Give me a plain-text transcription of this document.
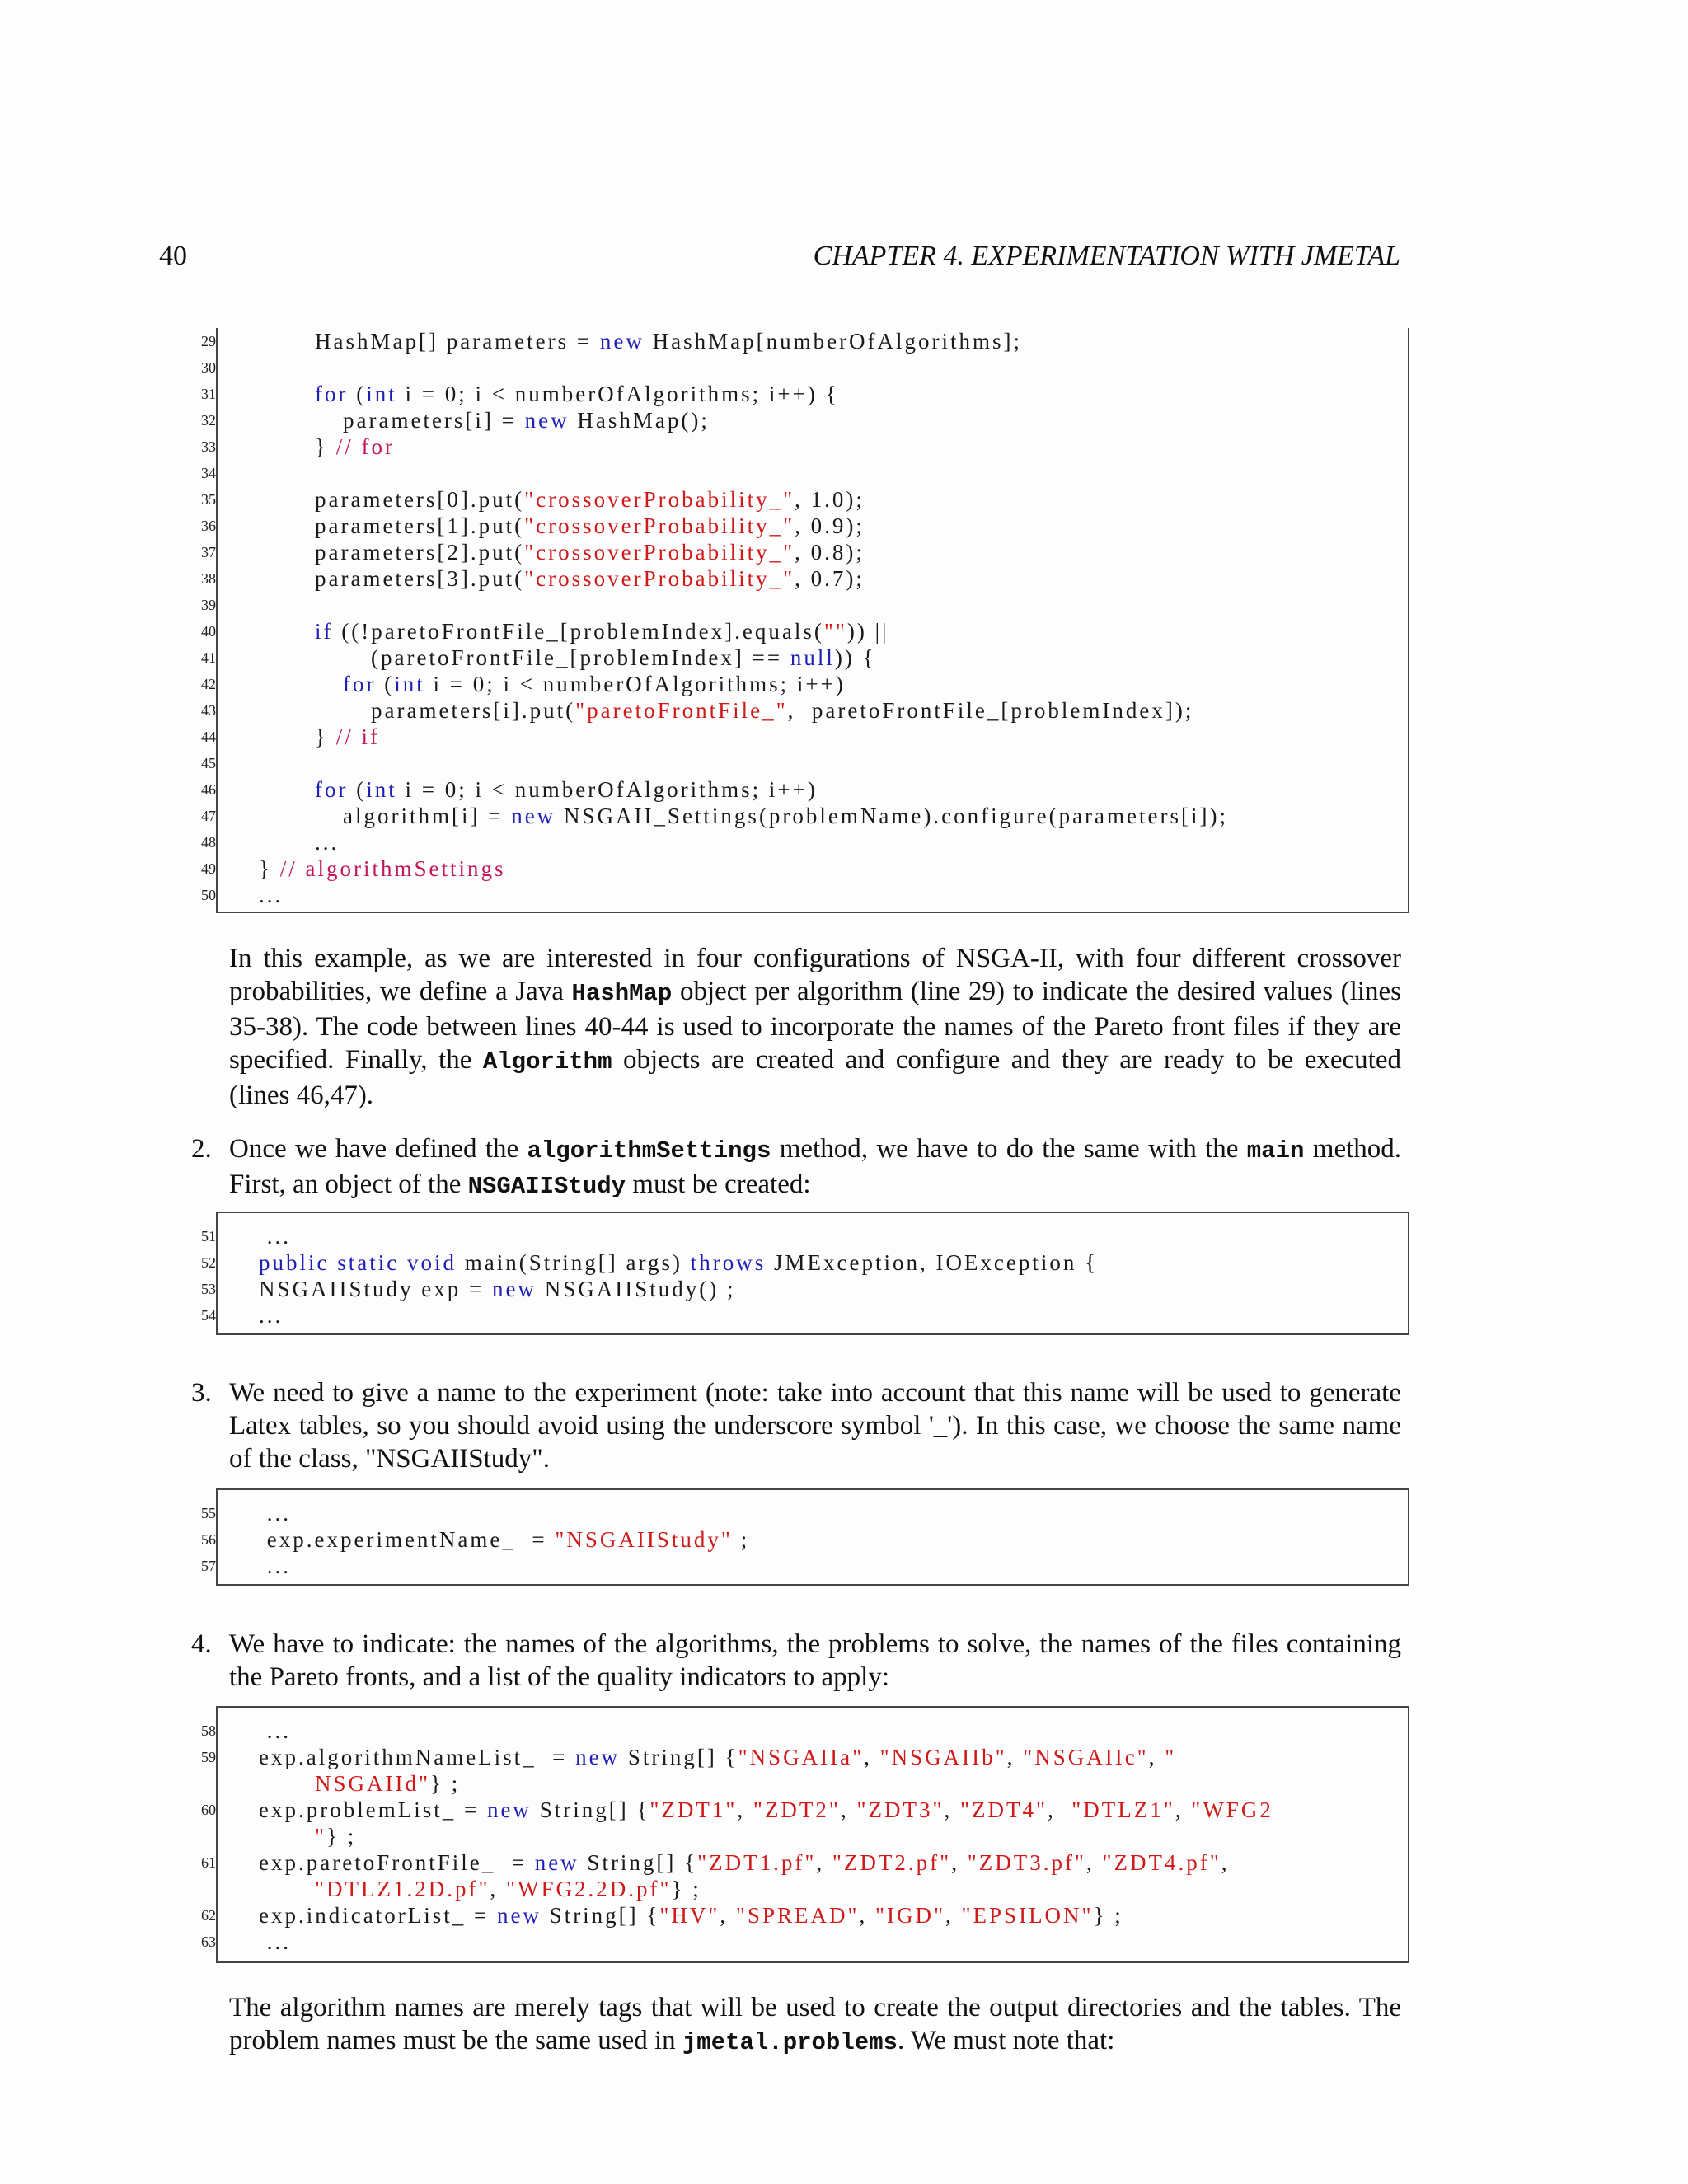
40	CHAPTER 4. EXPERIMENTATION WITH JMETAL
29	HashMap[] parameters = new HashMap[numberOfAlgorithms];
30
31	for (int i = 0; i < numberOfAlgorithms; i++) {
32	parameters[i] = new HashMap();
33	} // for
34
35	parameters[0].put("crossoverProbability_", 1.0);
36	parameters[1].put("crossoverProbability_", 0.9);
37	parameters[2].put("crossoverProbability_", 0.8);
38	parameters[3].put("crossoverProbability_", 0.7);
39
40	if ((!paretoFrontFile_[problemIndex].equals("")) ||
41	(paretoFrontFile_[problemIndex] == null)) {
42	for (int i = 0; i < numberOfAlgorithms; i++)
43	parameters[i].put("paretoFrontFile_",  paretoFrontFile_[problemIndex]);
44	} // if
45
46	for (int i = 0; i < numberOfAlgorithms; i++)
47	algorithm[i] = new NSGAII_Settings(problemName).configure(parameters[i]);
48	...
49 } // algorithmSettings
50 ...
In this example, as we are interested in four configurations of NSGA-II, with four different crossover probabilities, we define a Java HashMap object per algorithm (line 29) to indicate the desired values (lines 35-38). The code between lines 40-44 is used to incorporate the names of the Pareto front files if they are specified. Finally, the Algorithm objects are created and configure and they are ready to be executed (lines 46,47).
2. Once we have defined the algorithmSettings method, we have to do the same with the main method. First, an object of the NSGAIIStudy must be created:
51 ...
52 public static void main(String[] args) throws JMException, IOException {
53 NSGAIIStudy exp = new NSGAIIStudy() ;
54 ...
3. We need to give a name to the experiment (note: take into account that this name will be used to generate Latex tables, so you should avoid using the underscore symbol '_'). In this case, we choose the same name of the class, "NSGAIIStudy".
55 ...
56 exp.experimentName_  = "NSGAIIStudy" ;
57 ...
4. We have to indicate: the names of the algorithms, the problems to solve, the names of the files containing the Pareto fronts, and a list of the quality indicators to apply:
58 ...
59 exp.algorithmNameList_  = new String[] {"NSGAIIa", "NSGAIIb", "NSGAIIc", "
NSGAIId"} ;
60 exp.problemList_ = new String[] {"ZDT1", "ZDT2", "ZDT3", "ZDT4",  "DTLZ1", "WFG2
"} ;
61 exp.paretoFrontFile_  = new String[] {"ZDT1.pf", "ZDT2.pf", "ZDT3.pf", "ZDT4.pf",
"DTLZ1.2D.pf", "WFG2.2D.pf"} ;
62 exp.indicatorList_ = new String[] {"HV", "SPREAD", "IGD", "EPSILON"} ;
63 ...
The algorithm names are merely tags that will be used to create the output directories and the tables. The problem names must be the same used in jmetal.problems. We must note that:
